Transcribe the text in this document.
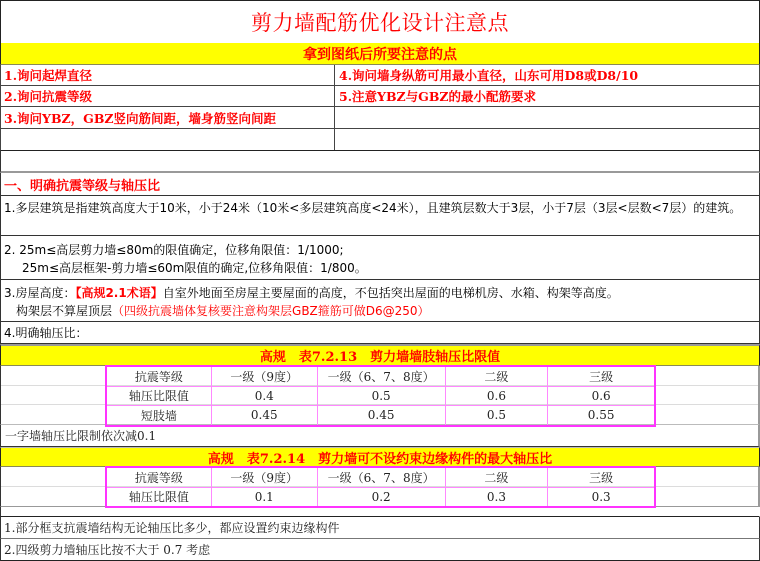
剪力墙配筋优化设计注意点
拿到图纸后所要注意的点
1.询问起焊直径	4.询问墙身纵筋可用最小直径，山东可用D8或D8/10
2.询问抗震等级	5.注意YBZ与GBZ的最小配筋要求
3.询问YBZ，GBZ竖向筋间距，墙身筋竖向间距
一、明确抗震等级与轴压比
1.多层建筑是指建筑高度大于10米，小于24米（10米<多层建筑高度<24米），且建筑层数大于3层，小于7层（3层<层数<7层）的建筑。
2. 25m≤高层剪力墙≤80m的限值确定，位移角限值：1/1000;
25m≤高层框架-剪力墙≤60m限值的确定,位移角限值：1/800。
3.房屋高度：【高规2.1术语】自室外地面至房屋主要屋面的高度，不包括突出屋面的电梯机房、水箱、构架等高度。
构架层不算屋顶层（四级抗震墙体复核要注意构架层GBZ箍筋可做D6@250）
4.明确轴压比：
高规　表7.2.13　剪力墙墙肢轴压比限值
抗震等级	一级（9度）	一级（6、7、8度）	二级	三级
轴压比限值	0.4	0.5	0.6	0.6
短肢墙	0.45	0.45	0.5	0.55
一字墙轴压比限制依次减0.1
高规　表7.2.14　剪力墙可不设约束边缘构件的最大轴压比
抗震等级	一级（9度）	一级（6、7、8度）	二级	三级
轴压比限值	0.1	0.2	0.3	0.3
1.部分框支抗震墙结构无论轴压比多少，都应设置约束边缘构件
2.四级剪力墙轴压比按不大于 0.7 考虑
